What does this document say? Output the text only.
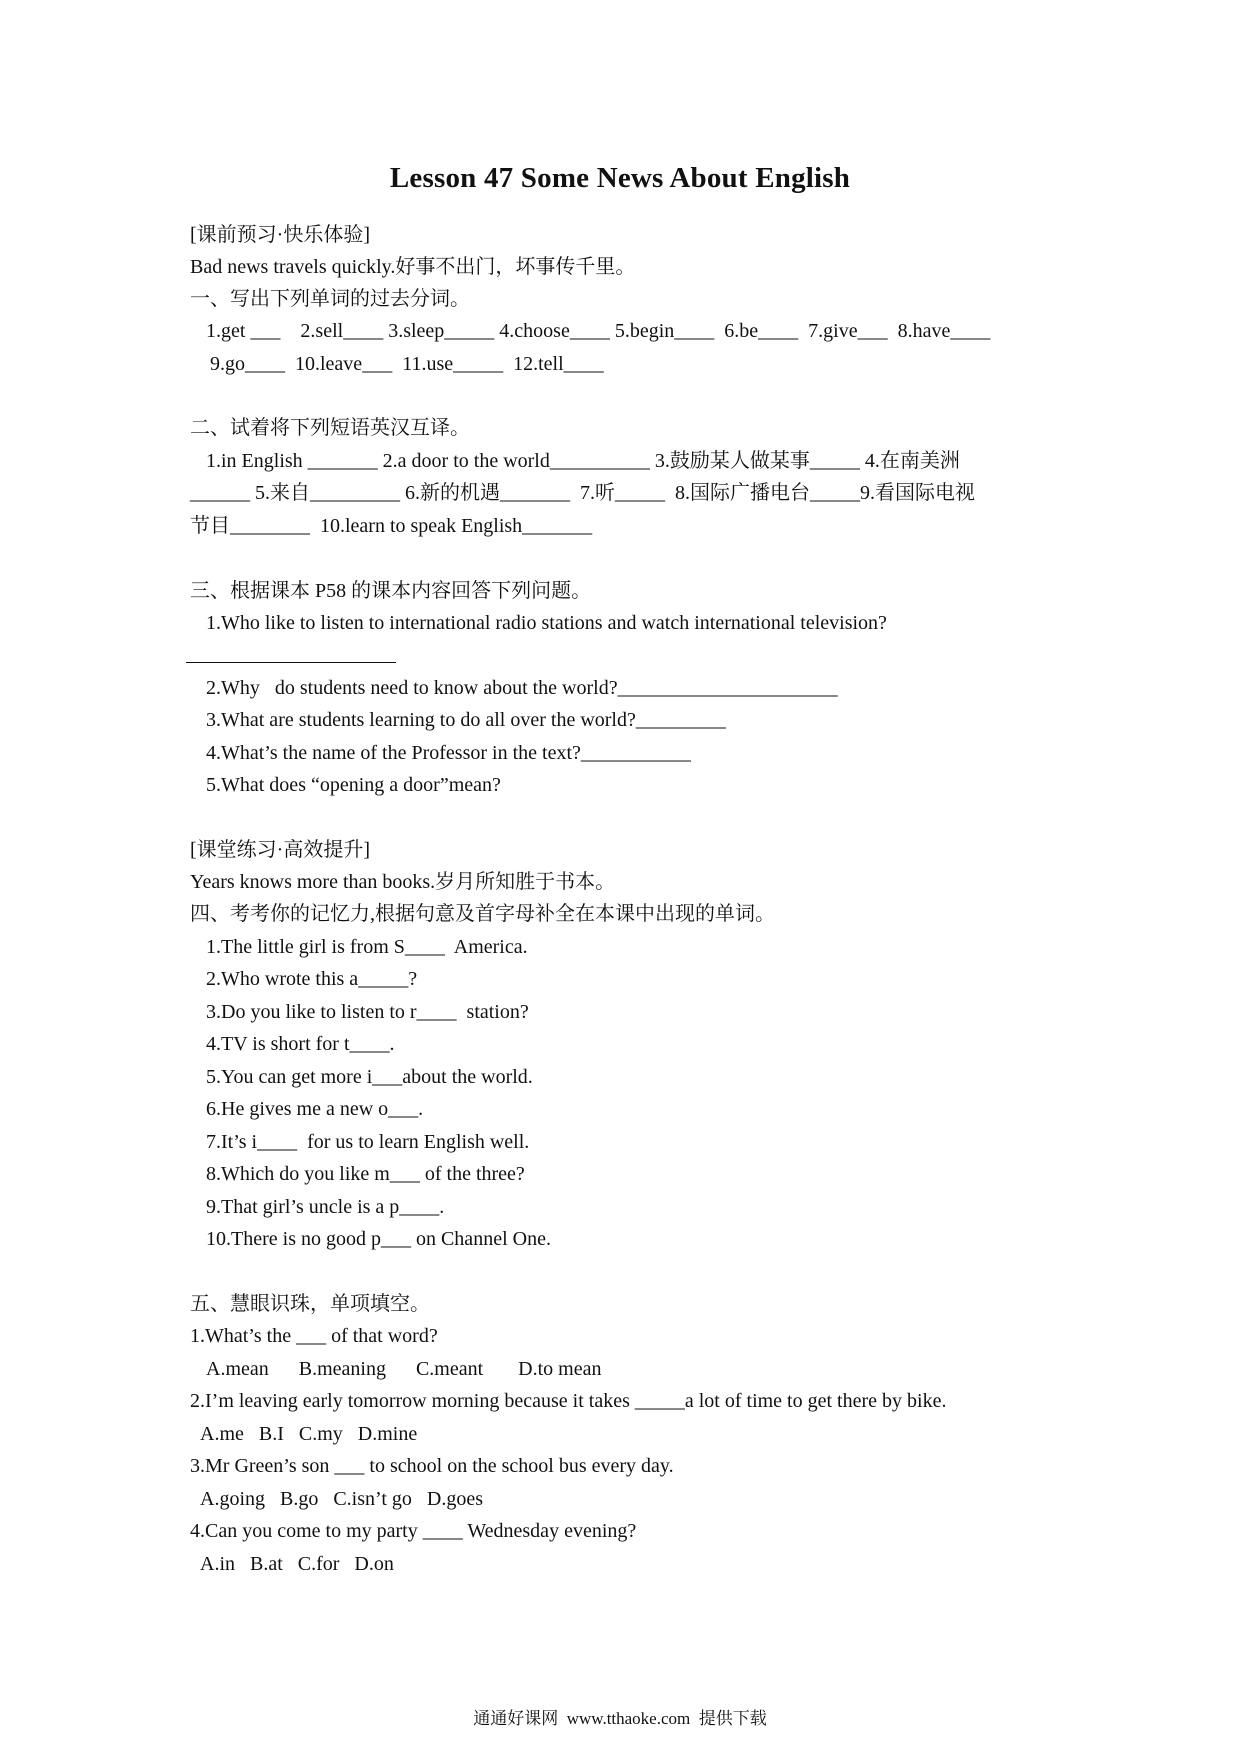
Lesson 47 Some News About English
[课前预习·快乐体验]
Bad news travels quickly.好事不出门，坏事传千里。
一、写出下列单词的过去分词。
1.get ___    2.sell____ 3.sleep_____ 4.choose____ 5.begin____  6.be____  7.give___  8.have____
9.go____  10.leave___  11.use_____  12.tell____
二、试着将下列短语英汉互译。
1.in English _______ 2.a door to the world__________ 3.鼓励某人做某事_____ 4.在南美洲
______ 5.来自_________ 6.新的机遇_______  7.听_____  8.国际广播电台_____9.看国际电视
节目________  10.learn to speak English_______
三、根据课本 P58 的课本内容回答下列问题。
1.Who like to listen to international radio stations and watch international television?
2.Why   do students need to know about the world?______________________
3.What are students learning to do all over the world?_________
4.What’s the name of the Professor in the text?___________
5.What does “opening a door”mean?
[课堂练习·高效提升]
Years knows more than books.岁月所知胜于书本。
四、考考你的记忆力,根据句意及首字母补全在本课中出现的单词。
1.The little girl is from S____  America.
2.Who wrote this a_____?
3.Do you like to listen to r____  station?
4.TV is short for t____.
5.You can get more i___about the world.
6.He gives me a new o___.
7.It’s i____  for us to learn English well.
8.Which do you like m___ of the three?
9.That girl’s uncle is a p____.
10.There is no good p___ on Channel One.
五、慧眼识珠，单项填空。
1.What’s the ___ of that word?
A.mean      B.meaning      C.meant       D.to mean
2.I’m leaving early tomorrow morning because it takes _____a lot of time to get there by bike.
A.me   B.I   C.my   D.mine
3.Mr Green’s son ___ to school on the school bus every day.
A.going   B.go   C.isn’t go   D.goes
4.Can you come to my party ____ Wednesday evening?
A.in   B.at   C.for   D.on
通通好课网  www.tthaoke.com  提供下载
